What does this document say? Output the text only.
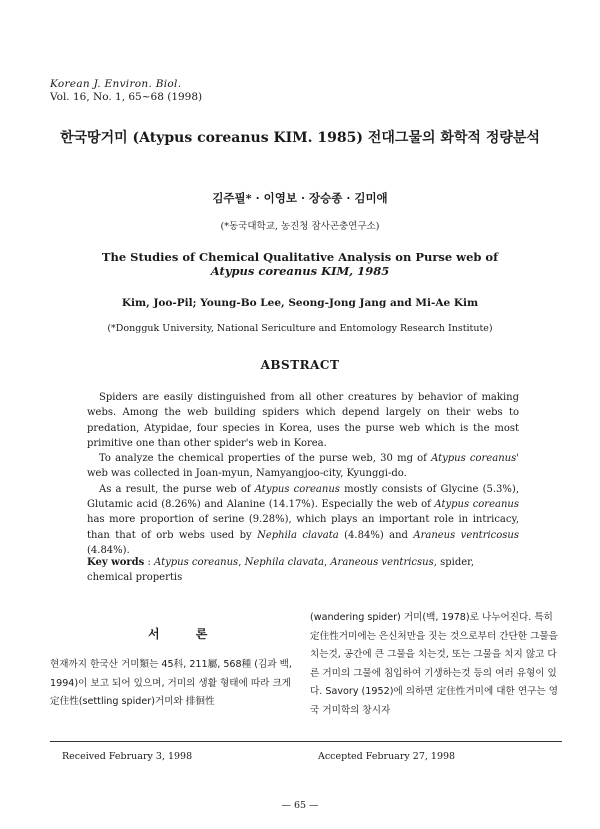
Korean J. Environ. Biol.
Vol. 16, No. 1, 65~68 (1998)
한국땅거미 (Atypus coreanus KIM. 1985) 전대그물의 화학적 정량분석
김주필* · 이영보 · 장승종 · 김미애
(*동국대학교, 농진청 잠사곤충연구소)
The Studies of Chemical Qualitative Analysis on Purse web of
Atypus coreanus KIM, 1985
Kim, Joo-Pil; Young-Bo Lee, Seong-Jong Jang and Mi-Ae Kim
(*Dongguk University, National Sericulture and Entomology Research Institute)
ABSTRACT

Spiders are easily distinguished from all other creatures by behavior of making webs. Among the web building spiders which depend largely on their webs to predation, Atypidae, four species in Korea, uses the purse web which is the most primitive one than other spider's web in Korea.

To analyze the chemical properties of the purse web, 30 mg of Atypus coreanus' web was collected in Joan-myun, Namyangjoo-city, Kyunggi-do.

As a result, the purse web of Atypus coreanus mostly consists of Glycine (5.3%), Glutamic acid (8.26%) and Alanine (14.17%). Especially the web of Atypus coreanus has more proportion of serine (9.28%), which plays an important role in intricacy, than that of orb webs used by Nephila clavata (4.84%) and Araneus ventricosus (4.84%).

Key words : Atypus coreanus, Nephila clavata, Araneous ventricsus, spider, chemical propertis
서 론
현재까지 한국산 거미類는 45科, 211屬, 568種 (김과 백, 1994)이 보고 되어 있으며, 거미의 생활 형태에 따라 크게 定住性(settling spider)거미와 排徊性
(wandering spider) 거미(백, 1978)로 나누어진다. 특히 定住性거미에는 은신처만을 짓는 것으로부터 간단한 그물을 치는것, 공간에 큰 그물을 치는것, 또는 그물을 치지 않고 다른 거미의 그물에 침입하여 기생하는것 등의 여러 유형이 있다. Savory (1952)에 의하면 定住性거미에 대한 연구는 영국 거미학의 창시자
Received February 3, 1998	Accepted February 27, 1998
— 65 —
